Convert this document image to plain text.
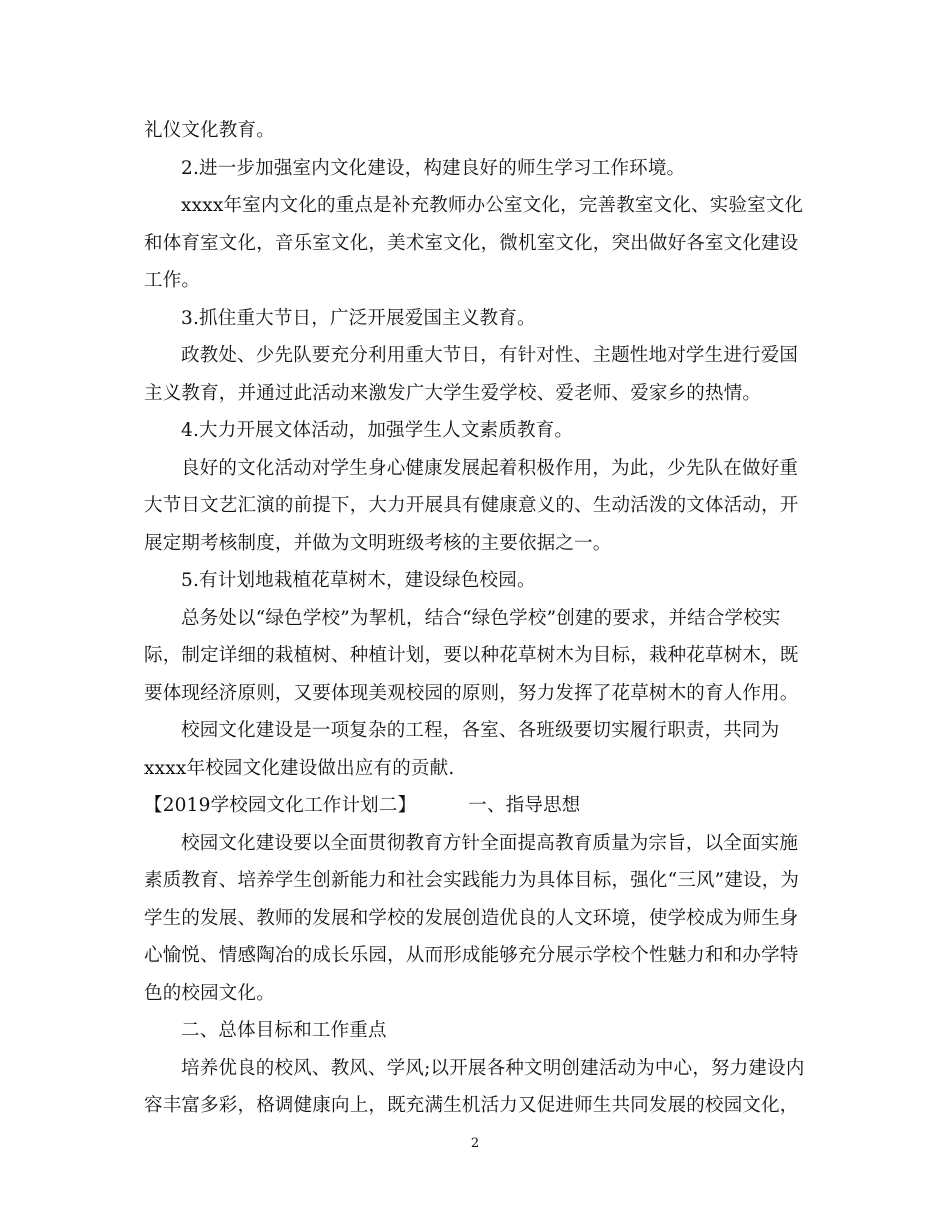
礼仪文化教育。

2.进一步加强室内文化建设，构建良好的师生学习工作环境。

xxxx年室内文化的重点是补充教师办公室文化，完善教室文化、实验室文化和体育室文化，音乐室文化，美术室文化，微机室文化，突出做好各室文化建设工作。

3.抓住重大节日，广泛开展爱国主义教育。

政教处、少先队要充分利用重大节日，有针对性、主题性地对学生进行爱国主义教育，并通过此活动来激发广大学生爱学校、爱老师、爱家乡的热情。

4.大力开展文体活动，加强学生人文素质教育。

良好的文化活动对学生身心健康发展起着积极作用，为此，少先队在做好重大节日文艺汇演的前提下，大力开展具有健康意义的、生动活泼的文体活动，开展定期考核制度，并做为文明班级考核的主要依据之一。

5.有计划地栽植花草树木，建设绿色校园。

总务处以“绿色学校”为挈机，结合“绿色学校”创建的要求，并结合学校实际，制定详细的栽植树、种植计划，要以种花草树木为目标，栽种花草树木，既要体现经济原则，又要体现美观校园的原则，努力发挥了花草树木的育人作用。

校园文化建设是一项复杂的工程，各室、各班级要切实履行职责，共同为xxxx年校园文化建设做出应有的贡献.

【2019学校园文化工作计划二】	一、指导思想

校园文化建设要以全面贯彻教育方针全面提高教育质量为宗旨，以全面实施素质教育、培养学生创新能力和社会实践能力为具体目标，强化“三风”建设，为学生的发展、教师的发展和学校的发展创造优良的人文环境，使学校成为师生身心愉悦、情感陶冶的成长乐园，从而形成能够充分展示学校个性魅力和和办学特色的校园文化。

二、总体目标和工作重点

培养优良的校风、教风、学风;以开展各种文明创建活动为中心，努力建设内容丰富多彩，格调健康向上，既充满生机活力又促进师生共同发展的校园文化，

2
